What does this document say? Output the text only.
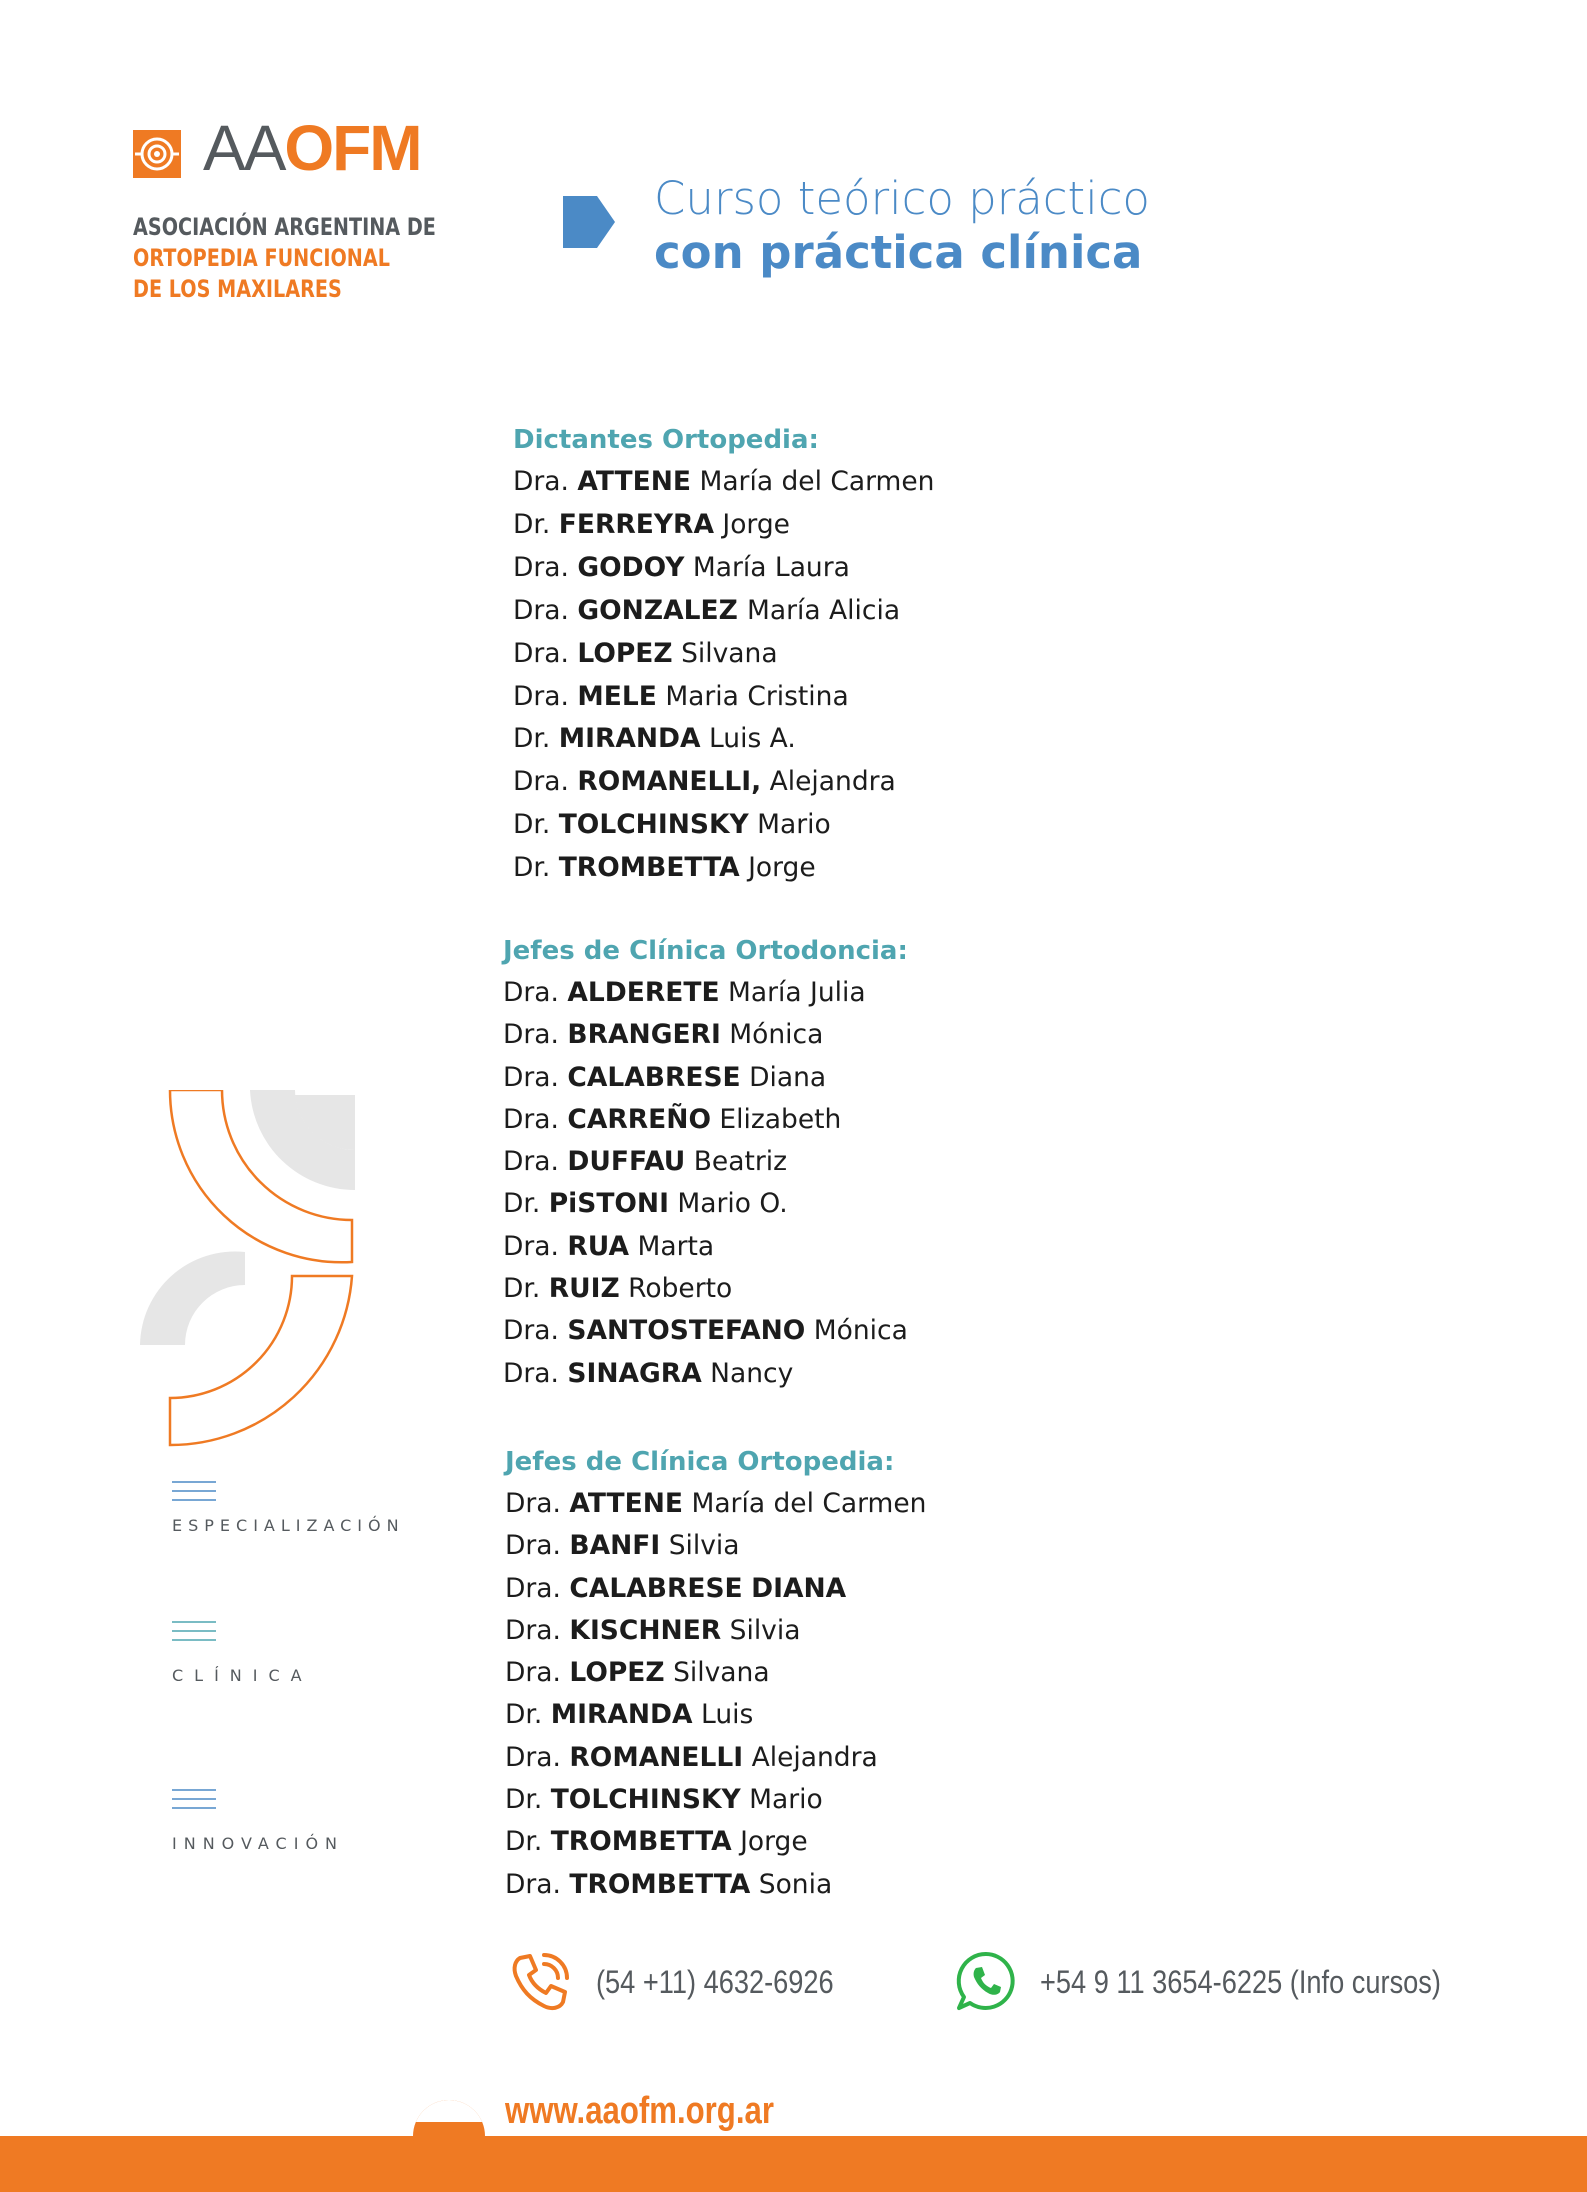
AAOFM
ASOCIACIÓN ARGENTINA DE
ORTOPEDIA FUNCIONAL
DE LOS MAXILARES
Curso teórico práctico
con práctica clínica
Dictantes Ortopedia:
Dra. ATTENE María del Carmen
Dr. FERREYRA Jorge
Dra. GODOY María Laura
Dra. GONZALEZ María Alicia
Dra. LOPEZ Silvana
Dra. MELE Maria Cristina
Dr. MIRANDA Luis A.
Dra. ROMANELLI, Alejandra
Dr. TOLCHINSKY Mario
Dr. TROMBETTA Jorge
Jefes de Clínica Ortodoncia:
Dra. ALDERETE María Julia
Dra. BRANGERI Mónica
Dra. CALABRESE Diana
Dra. CARREÑO Elizabeth
Dra. DUFFAU Beatriz
Dr. PiSTONI Mario O.
Dra. RUA Marta
Dr. RUIZ Roberto
Dra. SANTOSTEFANO Mónica
Dra. SINAGRA Nancy
Jefes de Clínica Ortopedia:
Dra. ATTENE María del Carmen
Dra. BANFI Silvia
Dra. CALABRESE DIANA
Dra. KISCHNER Silvia
Dra. LOPEZ Silvana
Dr. MIRANDA Luis
Dra. ROMANELLI Alejandra
Dr. TOLCHINSKY Mario
Dr. TROMBETTA Jorge
Dra. TROMBETTA Sonia
ESPECIALIZACIÓN
CLÍNICA
INNOVACIÓN
(54 +11) 4632-6926	+54 9 11 3654-6225 (Info cursos)
www.aaofm.org.ar
